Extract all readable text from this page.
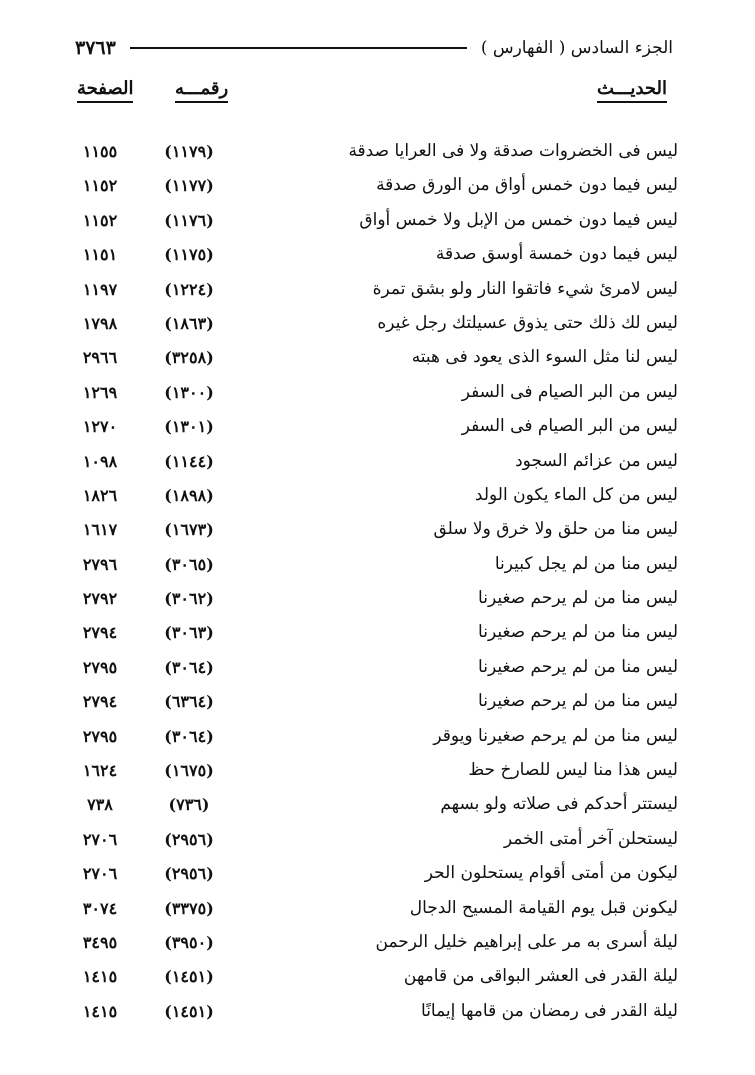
٣٧٦٣	الجزء السادس ( الفهارس )
الحديـــث
رقمـــه
الصفحة
ليس فى الخضروات صدقة ولا فى العرايا صدقة
(١١٧٩)
١١٥٥
ليس فيما دون خمس أواق من الورق صدقة
(١١٧٧)
١١٥٢
ليس فيما دون خمس من الإبل ولا خمس أواق
(١١٧٦)
١١٥٢
ليس فيما دون خمسة أوسق صدقة
(١١٧٥)
١١٥١
ليس لامرئ شيء فاتقوا النار ولو بشق تمرة
(١٢٢٤)
١١٩٧
ليس لك ذلك حتى يذوق عسيلتك رجل غيره
(١٨٦٣)
١٧٩٨
ليس لنا مثل السوء الذى يعود فى هبته
(٣٢٥٨)
٢٩٦٦
ليس من البر الصيام فى السفر
(١٣٠٠)
١٢٦٩
ليس من البر الصيام فى السفر
(١٣٠١)
١٢٧٠
ليس من عزائم السجود
(١١٤٤)
١٠٩٨
ليس من كل الماء يكون الولد
(١٨٩٨)
١٨٢٦
ليس منا من حلق ولا خرق ولا سلق
(١٦٧٣)
١٦١٧
ليس منا من لم يجل كبيرنا
(٣٠٦٥)
٢٧٩٦
ليس منا من لم يرحم صغيرنا
(٣٠٦٢)
٢٧٩٢
ليس منا من لم يرحم صغيرنا
(٣٠٦٣)
٢٧٩٤
ليس منا من لم يرحم صغيرنا
(٣٠٦٤)
٢٧٩٥
ليس منا من لم يرحم صغيرنا
(٦٣٦٤)
٢٧٩٤
ليس منا من لم يرحم صغيرنا ويوقر
(٣٠٦٤)
٢٧٩٥
ليس هذا منا ليس للصارخ حظ
(١٦٧٥)
١٦٢٤
ليستتر أحدكم فى صلاته ولو بسهم
(٧٣٦)
٧٣٨
ليستحلن آخر أمتى الخمر
(٢٩٥٦)
٢٧٠٦
ليكون من أمتى أقوام يستحلون الحر
(٢٩٥٦)
٢٧٠٦
ليكونن قبل يوم القيامة المسيح الدجال
(٣٣٧٥)
٣٠٧٤
ليلة أسرى به مر على إبراهيم خليل الرحمن
(٣٩٥٠)
٣٤٩٥
ليلة القدر فى العشر البواقى من قامهن
(١٤٥١)
١٤١٥
ليلة القدر فى رمضان من قامها إيمانًا
(١٤٥١)
١٤١٥
